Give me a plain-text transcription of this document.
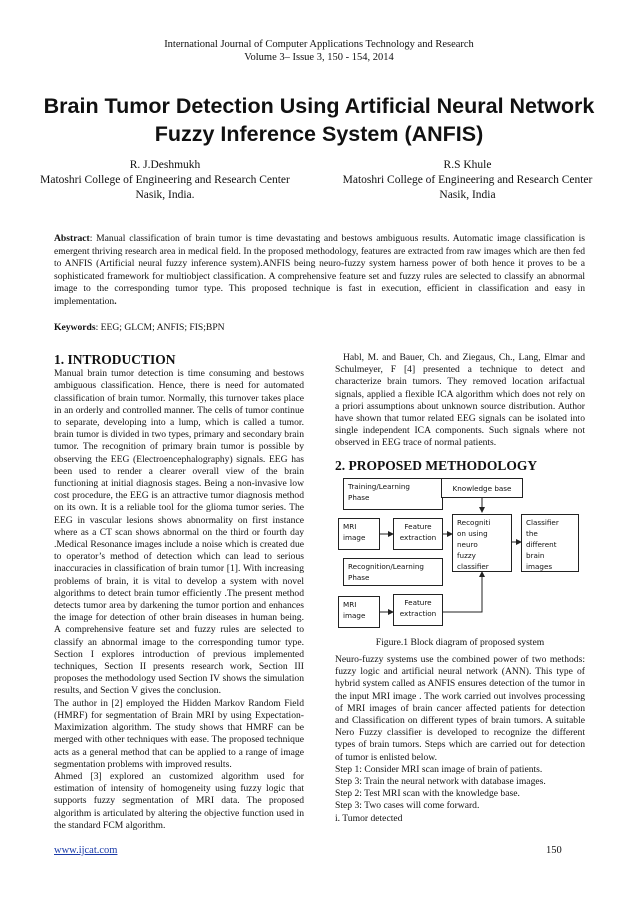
International Journal of Computer Applications Technology and Research
Volume 3– Issue 3, 150 - 154, 2014
Brain Tumor Detection Using Artificial Neural Network
Fuzzy Inference System (ANFIS)
R. J.Deshmukh
Matoshri College of Engineering and Research Center
Nasik, India.
R.S Khule
Matoshri College of Engineering and Research Center
Nasik, India
Abstract: Manual classification of brain tumor is time devastating and bestows ambiguous results. Automatic image classification is emergent thriving research area in medical field. In the proposed methodology, features are extracted from raw images which are then fed to ANFIS (Artificial neural fuzzy inference system).ANFIS being neuro-fuzzy system harness power of both hence it proves to be a sophisticated framework for multiobject classification. A comprehensive feature set and fuzzy rules are selected to classify an abnormal image to the corresponding tumor type. This proposed technique is fast in execution, efficient in classification and easy in implementation.
Keywords: EEG; GLCM; ANFIS; FIS;BPN
1. INTRODUCTION

Manual brain tumor detection is time consuming and bestows ambiguous classification. Hence, there is need for automated classification of brain tumor. Normally, this turnover takes place in an orderly and controlled manner. The cells of tumor continue to separate, developing into a lump, which is called a tumor. brain tumor is divided in two types, primary and secondary brain tumor. The recognition of primary brain tumor is possible by observing the EEG (Electroencephalography) signals. EEG has been used to render a clearer overall view of the brain functioning at initial diagnosis stages. Being a non-invasive low cost procedure, the EEG is an attractive tumor diagnosis method on its own. It is a reliable tool for the glioma tumor series. The EEG in vascular lesions shows abnormality on first instance where as a CT scan shows abnormal on the third or fourth day .Medical Resonance images include a noise which is created due to operator’s method of detection which can lead to serious inaccuracies in classification of brain tumor [1]. With increasing problems of brain, it is vital to develop a system with novel algorithms to detect brain tumor efficiently .The present method detects tumor area by darkening the tumor portion and enhances the image for detection of other brain diseases in human being. A comprehensive feature set and fuzzy rules are selected to classify an abnormal image to the corresponding tumor type. Section I explores introduction of previous implemented techniques, Section II presents research work, Section III proposes the methodology used Section IV shows the simulation results, and Section V gives the conclusion.

The author in [2] employed the Hidden Markov Random Field (HMRF) for segmentation of Brain MRI by using Expectation-Maximization algorithm. The study shows that HMRF can be merged with other techniques with ease. The proposed technique acts as a general method that can be applied to a range of image segmentation problems with improved results.

Ahmed [3] explored an customized algorithm used for estimation of intensity of homogeneity using fuzzy logic that supports fuzzy segmentation of MRI data. The proposed algorithm is articulated by altering the objective function used in the standard FCM algorithm.

Habl, M. and Bauer, Ch. and Ziegaus, Ch., Lang, Elmar and Schulmeyer, F [4] presented a technique to detect and characterize brain tumors. They removed location arifactual signals, applied a flexible ICA algorithm which does not rely on a priori assumptions about unknown source distribution. Author have shown that tumor related EEG signals can be isolated into single independent ICA components. Such signals where not observed in EEG trace of normal patients.

2. PROPOSED METHODOLOGY
Training/Learning
Phase
Knowledge base
MRI
image
Feature
extraction
Recogniti
on using
neuro
fuzzy
classifier
Classifier
the
different
brain
images
Recognition/Learning
Phase
MRI
image
Feature
extraction
Figure.1 Block diagram of proposed system

Neuro-fuzzy systems use the combined power of two methods: fuzzy logic and artificial neural network (ANN). This type of hybrid system called as ANFIS ensures detection of the tumor in the input MRI image . The work carried out involves processing of MRI images of brain cancer affected patients for detection and Classification on different types of brain tumors. A suitable Nero Fuzzy classifier is developed to recognize the different types of brain tumors. Steps which are carried out for detection of tumor is enlisted below.

Step 1: Consider MRI scan image of brain of patients.
Step 3: Train the neural network with database images.
Step 2: Test MRI scan with the knowledge base.
Step 3: Two cases will come forward.
i. Tumor detected
www.ijcat.com	150
